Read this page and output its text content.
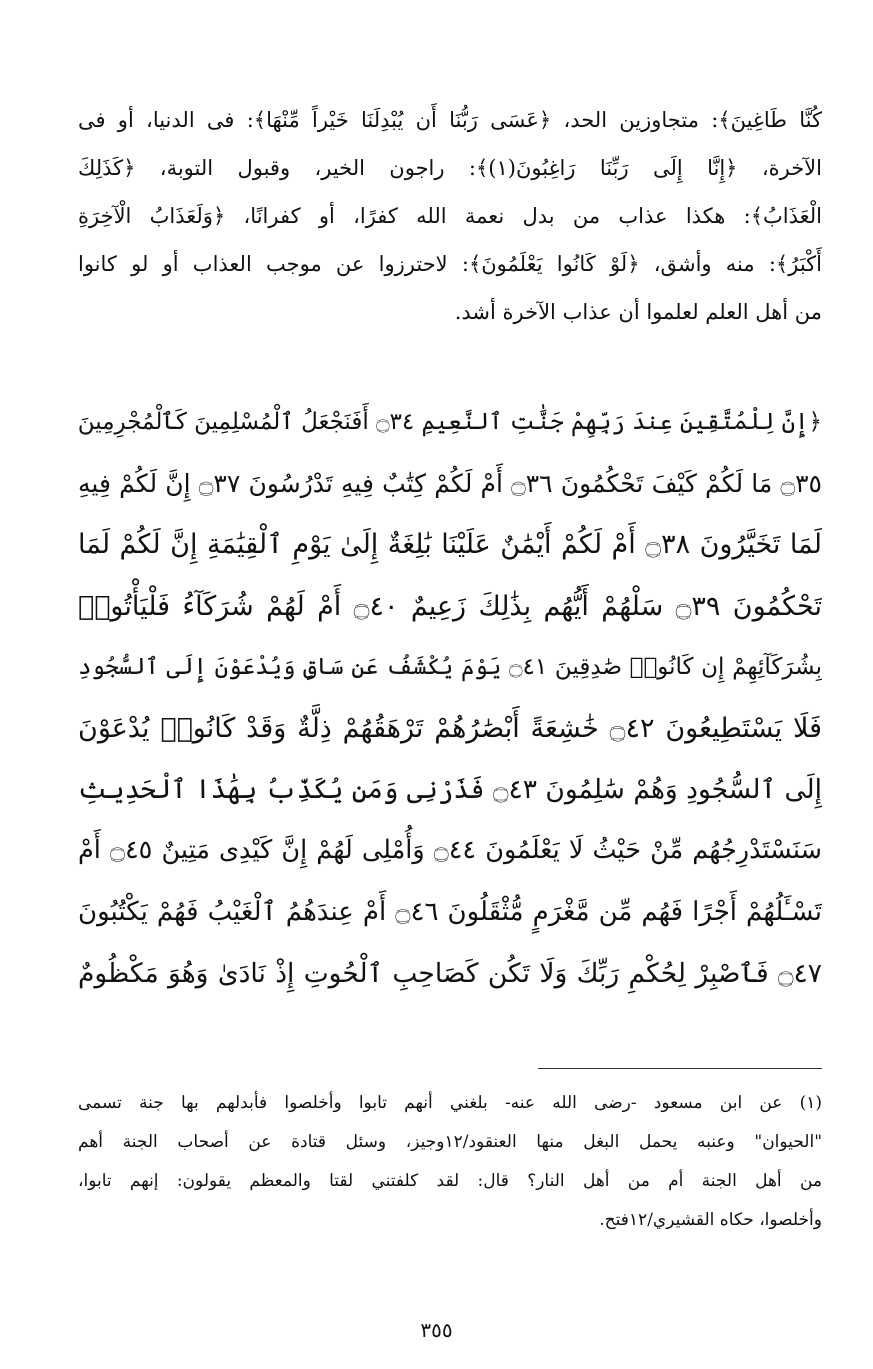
كُنَّا طَاغِينَ﴾: متجاوزين الحد، ﴿عَسَى رَبُّنَا أَن يُبْدِلَنَا خَيْراً مِّنْهَا﴾: فى الدنيا، أو فى
الآخرة، ﴿إِنَّا إِلَى رَبِّنَا رَاغِبُونَ(١)﴾: راجون الخير، وقبول التوبة، ﴿كَذَلِكَ
الْعَذَابُ﴾: هكذا عذاب من بدل نعمة الله كفرًا، أو كفرانًا، ﴿وَلَعَذَابُ الْآخِرَةِ
أَكْبَرُ﴾: منه وأشق، ﴿لَوْ كَانُوا يَعْلَمُونَ﴾: لاحترزوا عن موجب العذاب أو لو كانوا
من أهل العلم لعلموا أن عذاب الآخرة أشد.
﴿إِنَّ لِلْمُتَّقِينَ عِندَ رَبِّهِمْ جَنَّٰتِ ٱلنَّعِيمِ ۝٣٤ أَفَنَجْعَلُ ٱلْمُسْلِمِينَ كَٱلْمُجْرِمِينَ
۝٣٥ مَا لَكُمْ كَيْفَ تَحْكُمُونَ ۝٣٦ أَمْ لَكُمْ كِتَٰبٌ فِيهِ تَدْرُسُونَ ۝٣٧ إِنَّ لَكُمْ فِيهِ
لَمَا تَخَيَّرُونَ ۝٣٨ أَمْ لَكُمْ أَيْمَٰنٌ عَلَيْنَا بَٰلِغَةٌ إِلَىٰ يَوْمِ ٱلْقِيَٰمَةِ إِنَّ لَكُمْ لَمَا
تَحْكُمُونَ ۝٣٩ سَلْهُمْ أَيُّهُم بِذَٰلِكَ زَعِيمٌ ۝٤٠ أَمْ لَهُمْ شُرَكَآءُ فَلْيَأْتُوا۟
بِشُرَكَآئِهِمْ إِن كَانُوا۟ صَٰدِقِينَ ۝٤١ يَوْمَ يُكْشَفُ عَن سَاقٍ وَيُدْعَوْنَ إِلَى ٱلسُّجُودِ
فَلَا يَسْتَطِيعُونَ ۝٤٢ خَٰشِعَةً أَبْصَٰرُهُمْ تَرْهَقُهُمْ ذِلَّةٌ وَقَدْ كَانُوا۟ يُدْعَوْنَ
إِلَى ٱلسُّجُودِ وَهُمْ سَٰلِمُونَ ۝٤٣ فَذَرْنِى وَمَن يُكَذِّبُ بِهَٰذَا ٱلْحَدِيثِ
سَنَسْتَدْرِجُهُم مِّنْ حَيْثُ لَا يَعْلَمُونَ ۝٤٤ وَأُمْلِى لَهُمْ إِنَّ كَيْدِى مَتِينٌ ۝٤٥ أَمْ
تَسْـَٔلُهُمْ أَجْرًا فَهُم مِّن مَّغْرَمٍ مُّثْقَلُونَ ۝٤٦ أَمْ عِندَهُمُ ٱلْغَيْبُ فَهُمْ يَكْتُبُونَ
۝٤٧ فَٱصْبِرْ لِحُكْمِ رَبِّكَ وَلَا تَكُن كَصَاحِبِ ٱلْحُوتِ إِذْ نَادَىٰ وَهُوَ مَكْظُومٌ
(١) عن ابن مسعود -رضى الله عنه- بلغني أنهم تابوا وأخلصوا فأبدلهم بها جنة تسمى
"الحيوان" وعنبه يحمل البغل منها العنقود/١٢وجيز، وسئل قتادة عن أصحاب الجنة أهم
من أهل الجنة أم من أهل النار؟ قال: لقد كلفتني لقتا والمعظم يقولون: إنهم تابوا،
وأخلصوا، حكاه القشيري/١٢فتح.
٣٥٥
